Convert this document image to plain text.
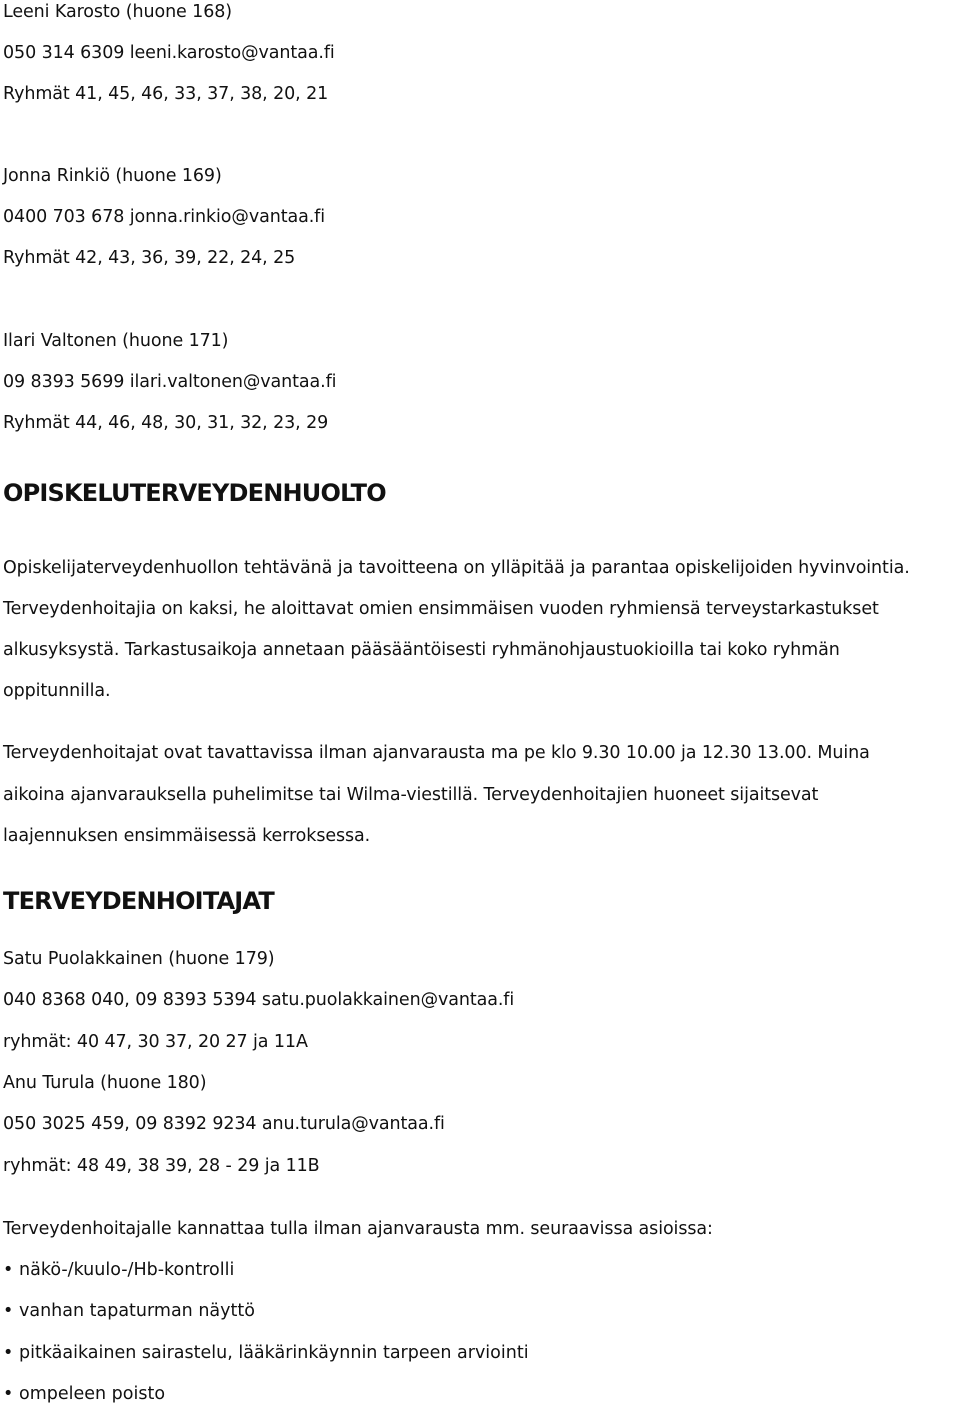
Leeni Karosto (huone 168)
050 314 6309 leeni.karosto@vantaa.fi
Ryhmät 41, 45, 46, 33, 37, 38, 20, 21
Jonna Rinkiö (huone 169)
0400 703 678 jonna.rinkio@vantaa.fi
Ryhmät 42, 43, 36, 39, 22, 24, 25
Ilari Valtonen (huone 171)
09 8393 5699 ilari.valtonen@vantaa.fi
Ryhmät 44, 46, 48, 30, 31, 32, 23, 29
OPISKELUTERVEYDENHUOLTO
Opiskelijaterveydenhuollon tehtävänä ja tavoitteena on ylläpitää ja parantaa opiskelijoiden hyvinvointia.
Terveydenhoitajia on kaksi, he aloittavat omien ensimmäisen vuoden ryhmiensä terveystarkastukset
alkusyksystä. Tarkastusaikoja annetaan pääsääntöisesti ryhmänohjaustuokioilla tai koko ryhmän
oppitunnilla.
Terveydenhoitajat ovat tavattavissa ilman ajanvarausta ma pe klo 9.30 10.00 ja 12.30 13.00. Muina
aikoina ajanvarauksella puhelimitse tai Wilma-viestillä. Terveydenhoitajien huoneet sijaitsevat
laajennuksen ensimmäisessä kerroksessa.
TERVEYDENHOITAJAT
Satu Puolakkainen (huone 179)
040 8368 040, 09 8393 5394 satu.puolakkainen@vantaa.fi
ryhmät: 40 47, 30 37, 20 27 ja 11A
Anu Turula (huone 180)
050 3025 459, 09 8392 9234 anu.turula@vantaa.fi
ryhmät: 48 49, 38 39, 28 - 29 ja 11B
Terveydenhoitajalle kannattaa tulla ilman ajanvarausta mm. seuraavissa asioissa:
• näkö-/kuulo-/Hb-kontrolli
• vanhan tapaturman näyttö
• pitkäaikainen sairastelu, lääkärinkäynnin tarpeen arviointi
• ompeleen poisto
